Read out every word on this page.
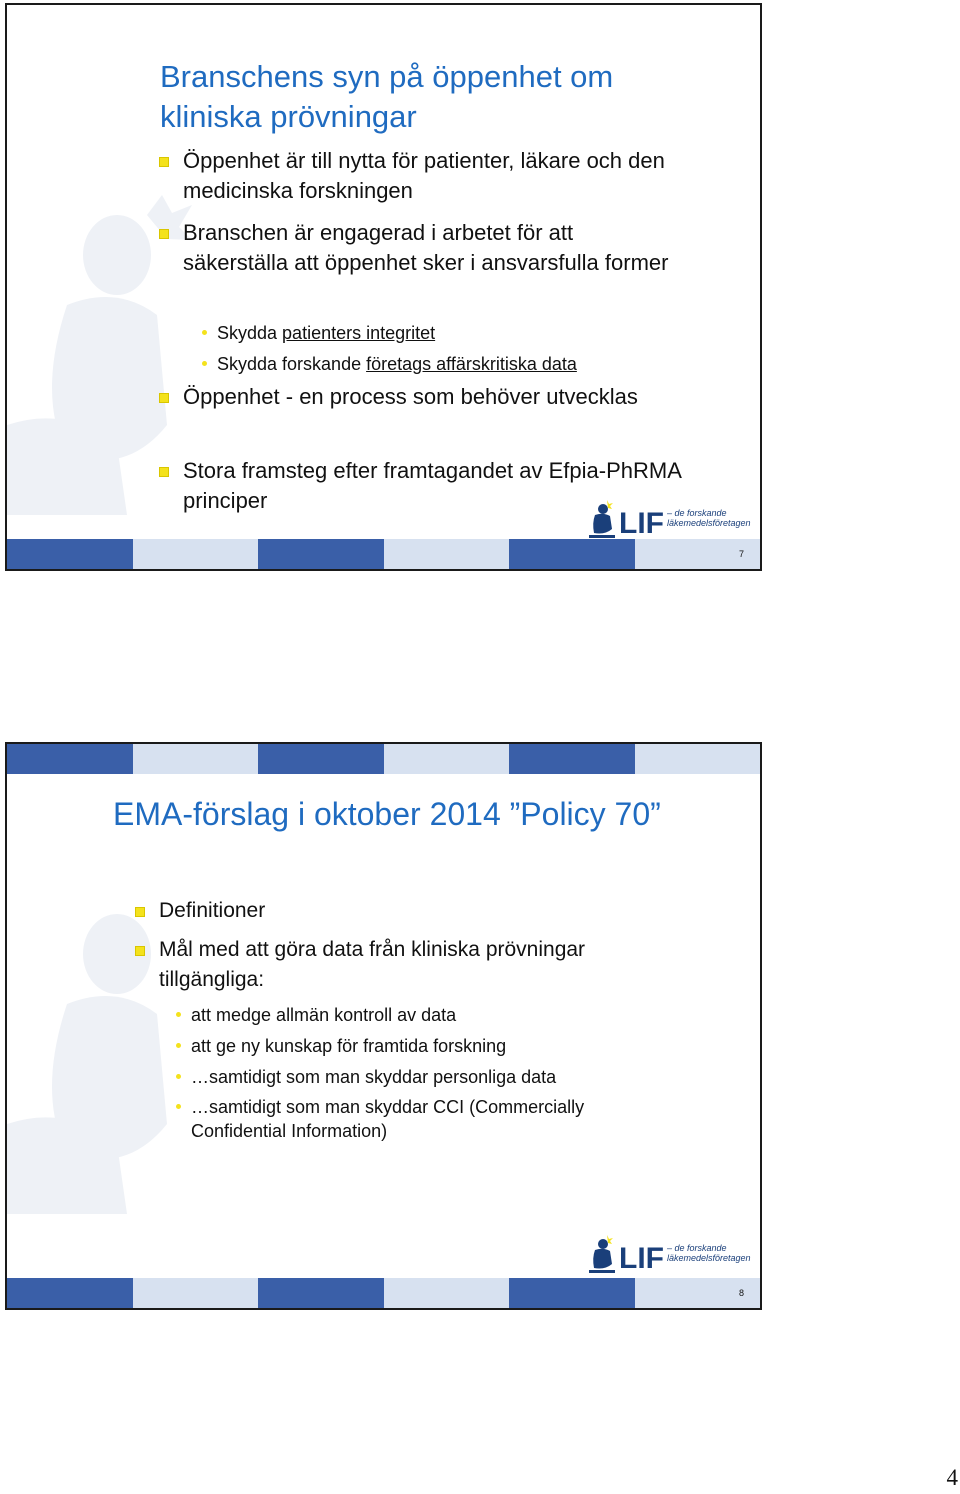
Branschens syn på öppenhet om kliniska prövningar
Öppenhet är till nytta för patienter, läkare och den medicinska forskningen
Branschen är engagerad i arbetet för att säkerställa att öppenhet sker i ansvarsfulla former
Skydda patienters integritet
Skydda forskande företags affärskritiska data
Öppenhet - en process som behöver utvecklas
Stora framsteg efter framtagandet av Efpia-PhRMA principer
LIF – de forskande
läkemedelsföretagen
7
EMA-förslag i oktober 2014 ”Policy 70”
Definitioner
Mål med att göra data från kliniska prövningar tillgängliga:
att medge allmän kontroll av data
att ge ny kunskap för framtida forskning
…samtidigt som man skyddar personliga data
…samtidigt som man skyddar CCI (Commercially Confidential Information)
LIF – de forskande
läkemedelsföretagen
8
4
